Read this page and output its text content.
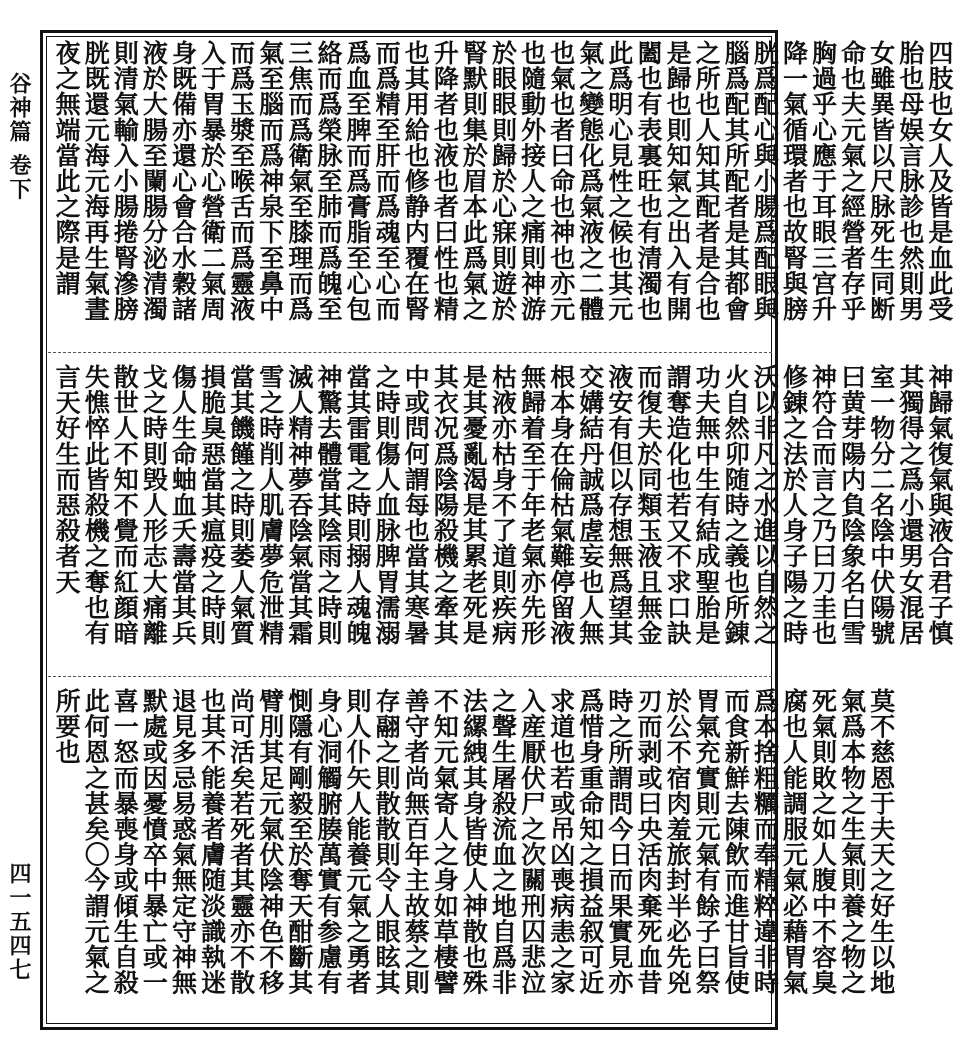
谷神篇 卷下
四一五四七
四肢也女人及皆是血此受胎也母娱言脉診也然則男女雖異皆以尺脉死生同断命也夫元氣之經營者存乎胸過乎心應于耳眼三宫升降一氣循環者也故腎與膀胱爲配心與小腸爲配眼與腦爲配其所配者是其都會之所也人知其配者是合也是歸也則知氣之出入有開闔也有表裏旺也有清濁也此爲明心見性之候也其元氣之變態化爲氣液之二體也氣也者曰命也神也亦元也隨動外接人之痛則神游於眼眼則歸於心寐則遊於腎默則集於眉本此爲氣之升降者也液也者曰性也精也其用給也修静内覆在腎而爲精至肝而爲魂至心而爲血至脾而爲膏脂至心包絡而爲榮脉至肺而爲魄至三焦而爲衛氣至膝理而爲氣至腦而爲神泉下至鼻中而爲玉漿至喉舌而爲靈液入于胃暴於心營衛二氣周身既備亦還心會合水穀諸液於大腸至闌腸分泌清濁則清氣輸入小腸捲腎滲膀胱既還元海元海再生氣晝夜之無端當此之際是謂
神歸氣復氣與液合君子慎其獨得之爲小還男女混居室一物分二名陰中伏陽號曰黄芽陽内負陰象名白雪神符合而言之乃曰刀圭也修錬之法於人身子陽之時沃以非凡之水進以自然之火自然卯随時之義也所錬功夫無中生有結成聖胎是謂奪造化也若又不求口訣而復夫於同類玉液且無金液安有但以存想無爲望其交媾結丹誠爲虗妄也人無根本身在倫枯氣難停留液無歸着至于年老氣亦先形枯液亦枯身不了道則疾病是其憂亂渴是其累老死是其衣况爲陰陽殺機之牽其中或問何謂每也當其寒暑之時則傷人血脉脾胃濡溺當其雷電之時則搦人魂魄神驚去體當其陰雨之時則滅人精神夢吞陰氣當其霜雪之時削人肌膚夢危泄精當其饑饉之時則萎人氣質損脆臭惡當其瘟疫之時則傷人生命蚰血夭壽當其兵戈之時則毁人形志大痛離散世人不知不覺而紅顔暗失憔悴此皆殺機之奪也有言天好生而惡殺者天
莫不慈恩于夫天之好生以地氣爲本物之生氣則養之物之死氣則敗之如人腹中不容臭腐也人能調服元氣必藉胃氣爲本捨粗糲而奉精粹違非時而食新鮮去陳飲而進甘旨使胃氣充實則元氣有餘子曰祭於公不宿肉羞旅封半必先兇刃而剥或曰央活肉棄死血昔時之所謂問今日而果實見亦爲惜身重命知之損益叙可近求道也若或吊凶喪病恚之家入産厭伏尸之次關刑囚悲泣之聲生屠殺流血之地自爲非法縲絏其身皆使人神散也殊不知元氣寄人之身如草棲譬善守者尚無百年主故蔡之則存翮之則散散則令人眼眩其則人仆矢人能養元氣之勇者身心洞觸腑腠萬實有参慮有惻隱有剛毅至於奪天酣斷其臂刖其足元氣伏陰神色不移尚可活矣若死者其靈亦不散也其不能養者膚随淡識執迷退見多忌易惑氣無定守神無默處或因憂憤卒中暴亡或一喜一怒而暴喪身或傾生自殺此何恩之甚矣〇今謂元氣之所要也
